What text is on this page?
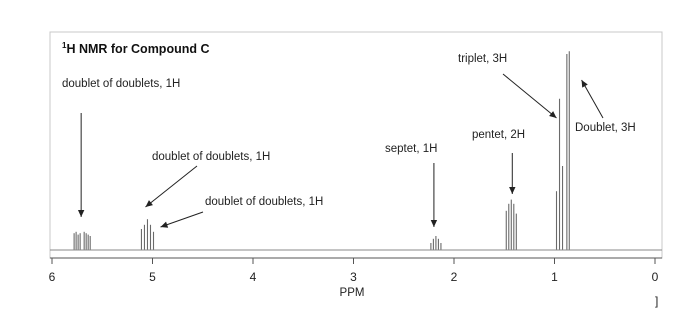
$^1$H NMR for Compound C
6	5	4	3	2	1	0
PPM
]
doublet of doublets, 1H
doublet of doublets, 1H
doublet of doublets, 1H
septet, 1H
pentet, 2H
triplet, 3H
Doublet, 3H
